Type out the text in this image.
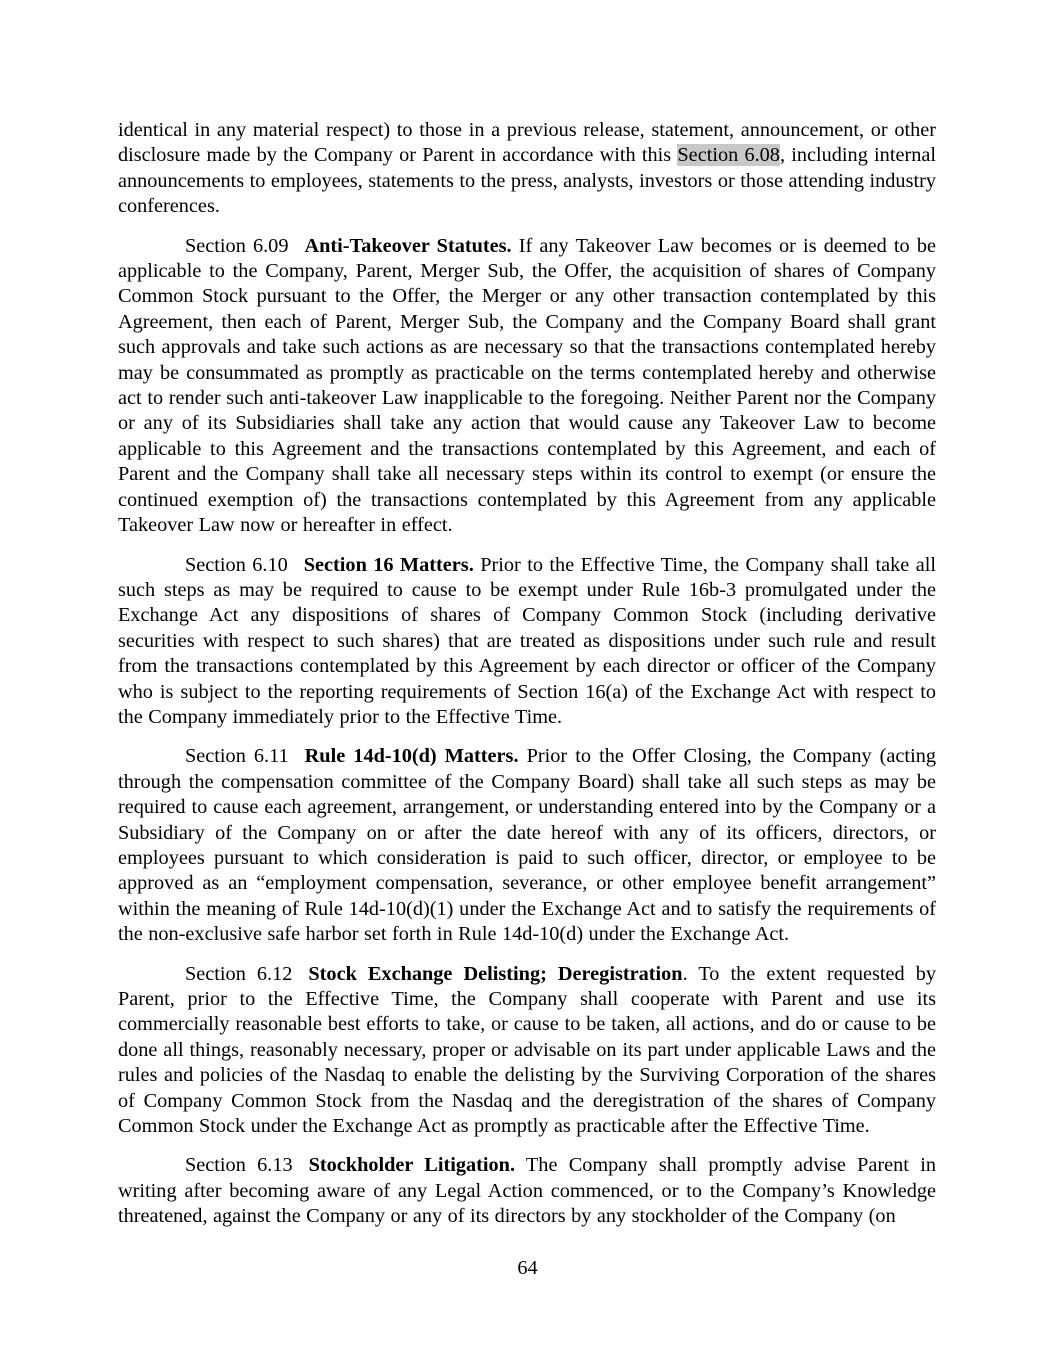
identical in any material respect) to those in a previous release, statement, announcement, or other disclosure made by the Company or Parent in accordance with this Section 6.08, including internal announcements to employees, statements to the press, analysts, investors or those attending industry conferences.

Section 6.09 Anti-Takeover Statutes. If any Takeover Law becomes or is deemed to be applicable to the Company, Parent, Merger Sub, the Offer, the acquisition of shares of Company Common Stock pursuant to the Offer, the Merger or any other transaction contemplated by this Agreement, then each of Parent, Merger Sub, the Company and the Company Board shall grant such approvals and take such actions as are necessary so that the transactions contemplated hereby may be consummated as promptly as practicable on the terms contemplated hereby and otherwise act to render such anti-takeover Law inapplicable to the foregoing. Neither Parent nor the Company or any of its Subsidiaries shall take any action that would cause any Takeover Law to become applicable to this Agreement and the transactions contemplated by this Agreement, and each of Parent and the Company shall take all necessary steps within its control to exempt (or ensure the continued exemption of) the transactions contemplated by this Agreement from any applicable Takeover Law now or hereafter in effect.

Section 6.10 Section 16 Matters. Prior to the Effective Time, the Company shall take all such steps as may be required to cause to be exempt under Rule 16b-3 promulgated under the Exchange Act any dispositions of shares of Company Common Stock (including derivative securities with respect to such shares) that are treated as dispositions under such rule and result from the transactions contemplated by this Agreement by each director or officer of the Company who is subject to the reporting requirements of Section 16(a) of the Exchange Act with respect to the Company immediately prior to the Effective Time.

Section 6.11 Rule 14d-10(d) Matters. Prior to the Offer Closing, the Company (acting through the compensation committee of the Company Board) shall take all such steps as may be required to cause each agreement, arrangement, or understanding entered into by the Company or a Subsidiary of the Company on or after the date hereof with any of its officers, directors, or employees pursuant to which consideration is paid to such officer, director, or employee to be approved as an “employment compensation, severance, or other employee benefit arrangement” within the meaning of Rule 14d-10(d)(1) under the Exchange Act and to satisfy the requirements of the non-exclusive safe harbor set forth in Rule 14d-10(d) under the Exchange Act.

Section 6.12 Stock Exchange Delisting; Deregistration. To the extent requested by Parent, prior to the Effective Time, the Company shall cooperate with Parent and use its commercially reasonable best efforts to take, or cause to be taken, all actions, and do or cause to be done all things, reasonably necessary, proper or advisable on its part under applicable Laws and the rules and policies of the Nasdaq to enable the delisting by the Surviving Corporation of the shares of Company Common Stock from the Nasdaq and the deregistration of the shares of Company Common Stock under the Exchange Act as promptly as practicable after the Effective Time.

Section 6.13 Stockholder Litigation. The Company shall promptly advise Parent in writing after becoming aware of any Legal Action commenced, or to the Company’s Knowledge threatened, against the Company or any of its directors by any stockholder of the Company (on

64
